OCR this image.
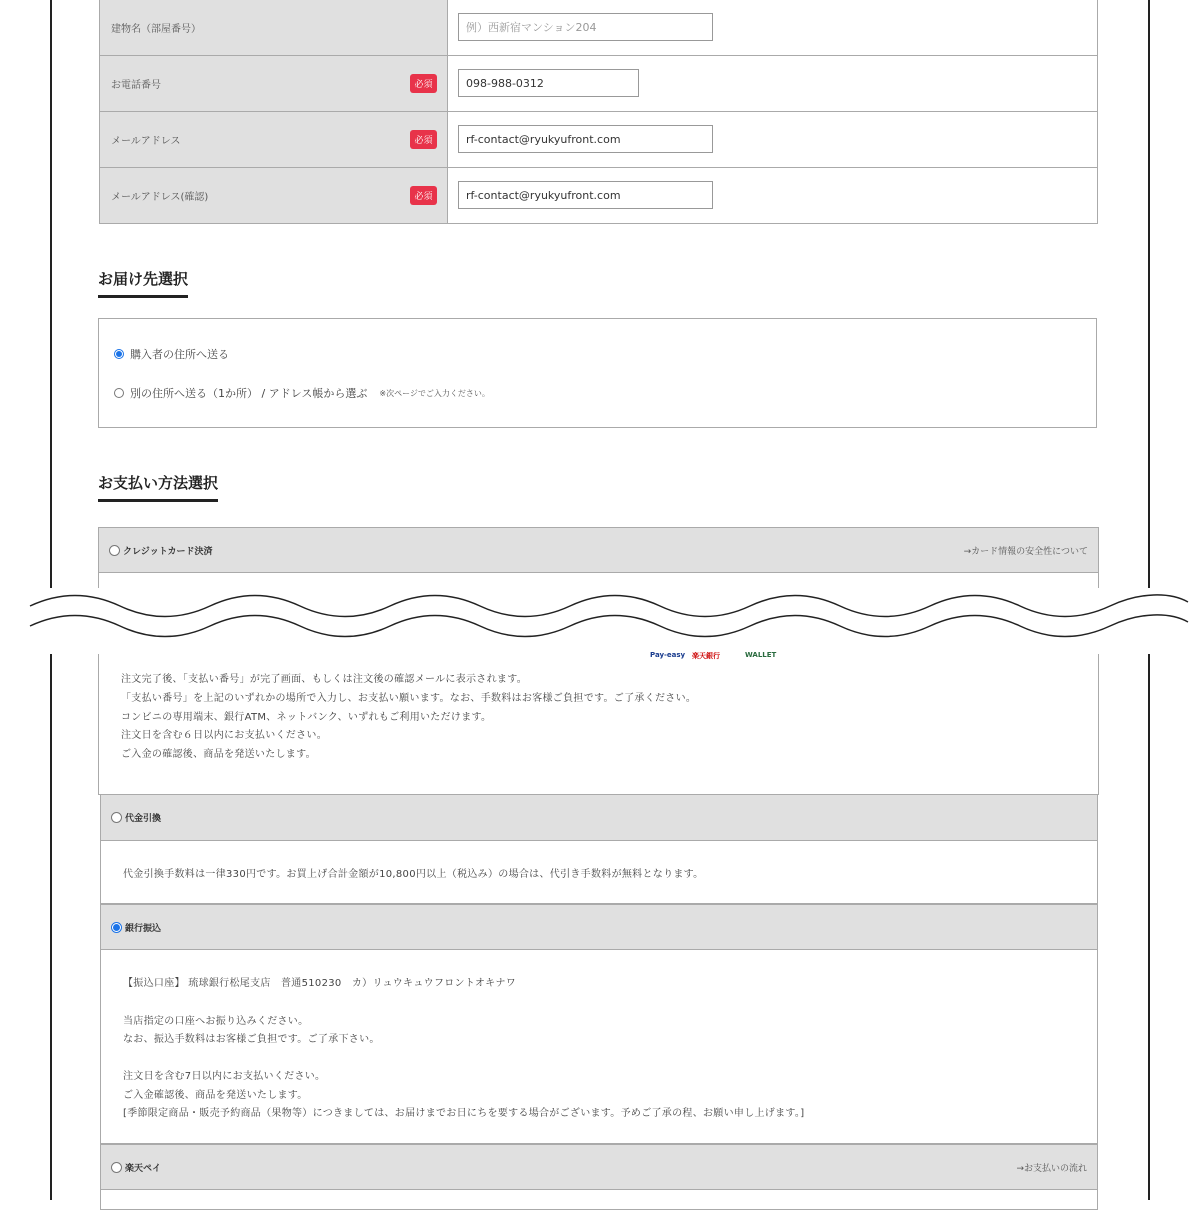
建物名（部屋番号）
例）西新宿マンション204
お電話番号	必須
098-988-0312
メールアドレス	必須
rf-contact@ryukyufront.com
メールアドレス(確認)	必須
rf-contact@ryukyufront.com
お届け先選択
購入者の住所へ送る
別の住所へ送る（1か所） / アドレス帳から選ぶ ※次ページでご入力ください。
お支払い方法選択
クレジットカード決済	→カード情報の安全性について
注文完了後、「支払い番号」が完了画面、もしくは注文後の確認メールに表示されます。
「支払い番号」を上記のいずれかの場所で入力し、お支払い願います。なお、手数料はお客様ご負担です。ご了承ください。
コンビニの専用端末、銀行ATM、ネットバンク、いずれもご利用いただけます。
注文日を含む６日以内にお支払いください。
ご入金の確認後、商品を発送いたします。
Pay-easy 楽天銀行	WALLET
代金引換
代金引換手数料は一律330円です。お買上げ合計金額が10,800円以上（税込み）の場合は、代引き手数料が無料となります。
銀行振込
【振込口座】 琉球銀行松尾支店　普通510230　カ）リュウキュウフロントオキナワ
当店指定の口座へお振り込みください。
なお、振込手数料はお客様ご負担です。ご了承下さい。
注文日を含む7日以内にお支払いください。
ご入金確認後、商品を発送いたします。
[季節限定商品・販売予約商品（果物等）につきましては、お届けまでお日にちを要する場合がございます。予めご了承の程、お願い申し上げます。]
楽天ペイ	→お支払いの流れ
